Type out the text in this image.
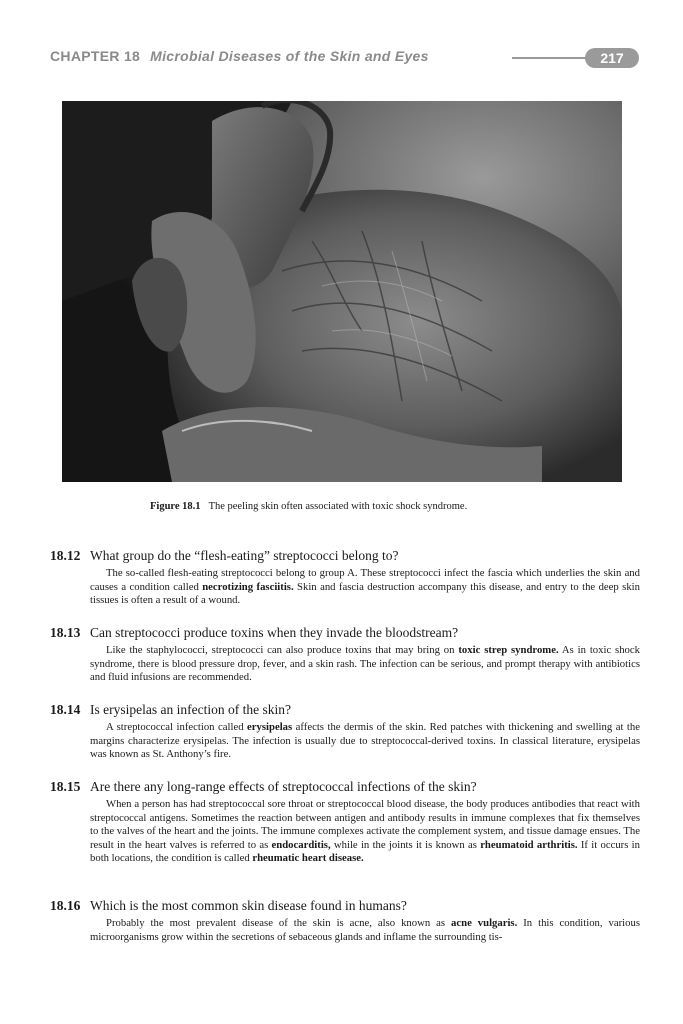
CHAPTER 18 Microbial Diseases of the Skin and Eyes	217
Figure 18.1 The peeling skin often associated with toxic shock syndrome.
18.12 What group do the “flesh-eating” streptococci belong to?
The so-called flesh-eating streptococci belong to group A. These streptococci infect the fascia which underlies the skin and causes a condition called necrotizing fasciitis. Skin and fascia destruction accompany this disease, and entry to the deep skin tissues is often a result of a wound.
18.13 Can streptococci produce toxins when they invade the bloodstream?
Like the staphylococci, streptococci can also produce toxins that may bring on toxic strep syndrome. As in toxic shock syndrome, there is blood pressure drop, fever, and a skin rash. The infection can be serious, and prompt therapy with antibiotics and fluid infusions are recommended.
18.14 Is erysipelas an infection of the skin?
A streptococcal infection called erysipelas affects the dermis of the skin. Red patches with thickening and swelling at the margins characterize erysipelas. The infection is usually due to streptococcal-derived toxins. In classical literature, erysipelas was known as St. Anthony’s fire.
18.15 Are there any long-range effects of streptococcal infections of the skin?
When a person has had streptococcal sore throat or streptococcal blood disease, the body produces antibodies that react with streptococcal antigens. Sometimes the reaction between antigen and antibody results in immune complexes that fix themselves to the valves of the heart and the joints. The immune complexes activate the complement system, and tissue damage ensues. The result in the heart valves is referred to as endocarditis, while in the joints it is known as rheumatoid arthritis. If it occurs in both locations, the condition is called rheumatic heart disease.
18.16 Which is the most common skin disease found in humans?
Probably the most prevalent disease of the skin is acne, also known as acne vulgaris. In this condition, various microorganisms grow within the secretions of sebaceous glands and inflame the surrounding tis-
